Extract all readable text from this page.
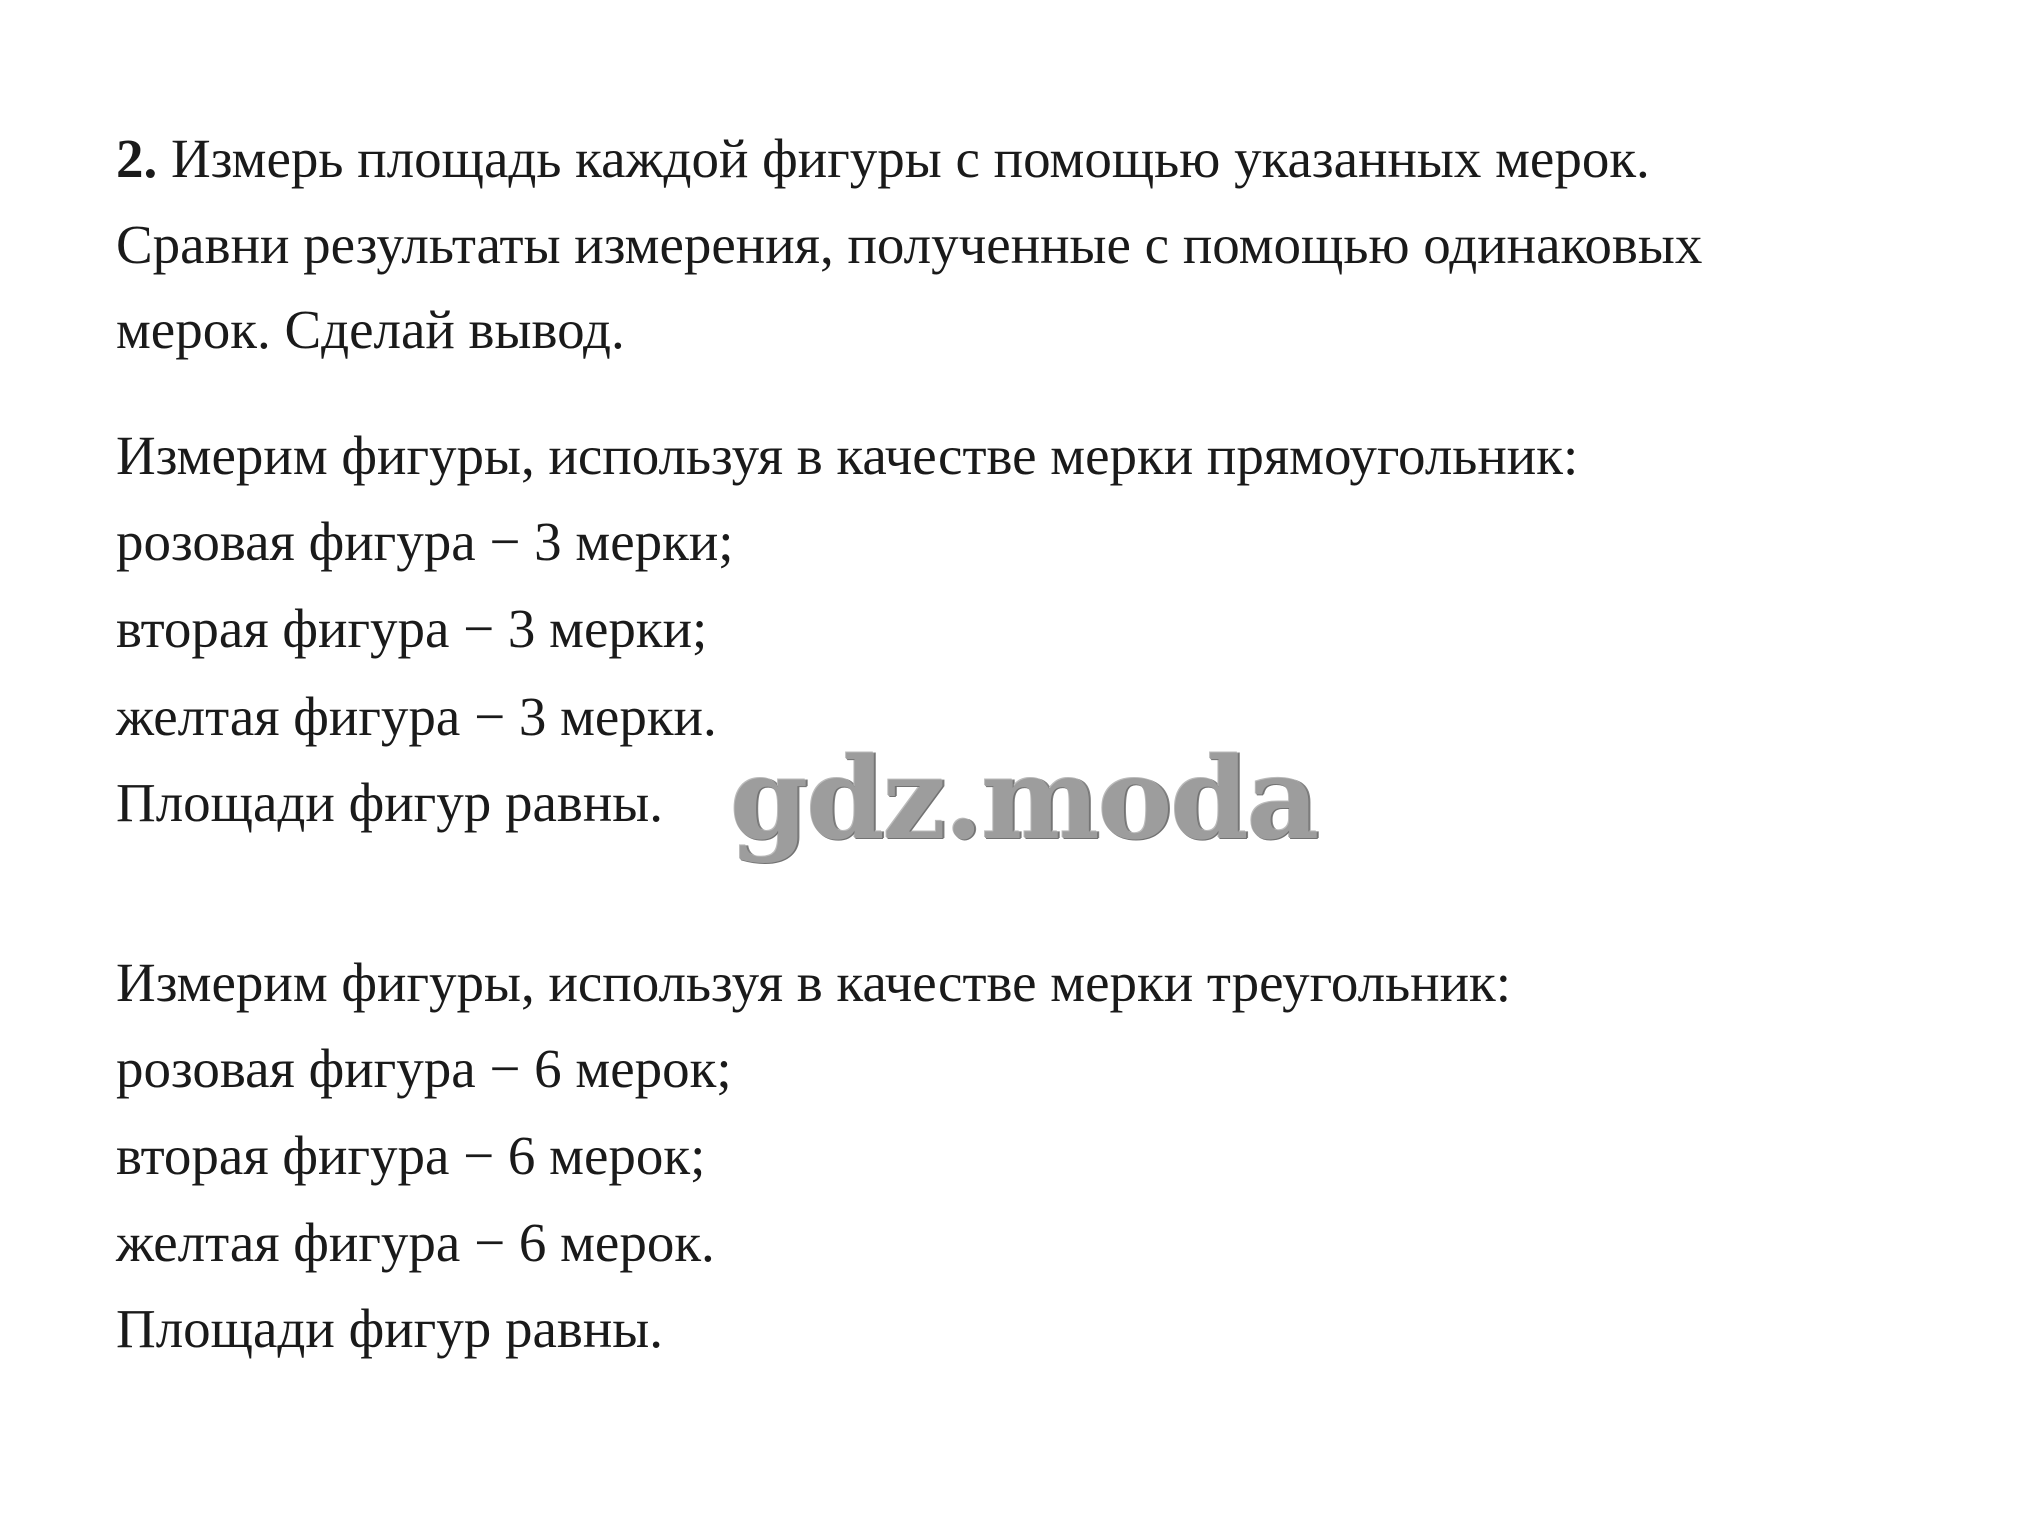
2. Измерь площадь каждой фигуры с помощью указанных мерок.

Сравни результаты измерения, полученные с помощью одинаковых

мерок. Сделай вывод.

Измерим фигуры, используя в качестве мерки прямоугольник:

розовая фигура − 3 мерки;

вторая фигура − 3 мерки;

желтая фигура − 3 мерки.

Площади фигур равны. gdz.moda

Измерим фигуры, используя в качестве мерки треугольник:

розовая фигура − 6 мерок;

вторая фигура − 6 мерок;

желтая фигура − 6 мерок.

Площади фигур равны.
